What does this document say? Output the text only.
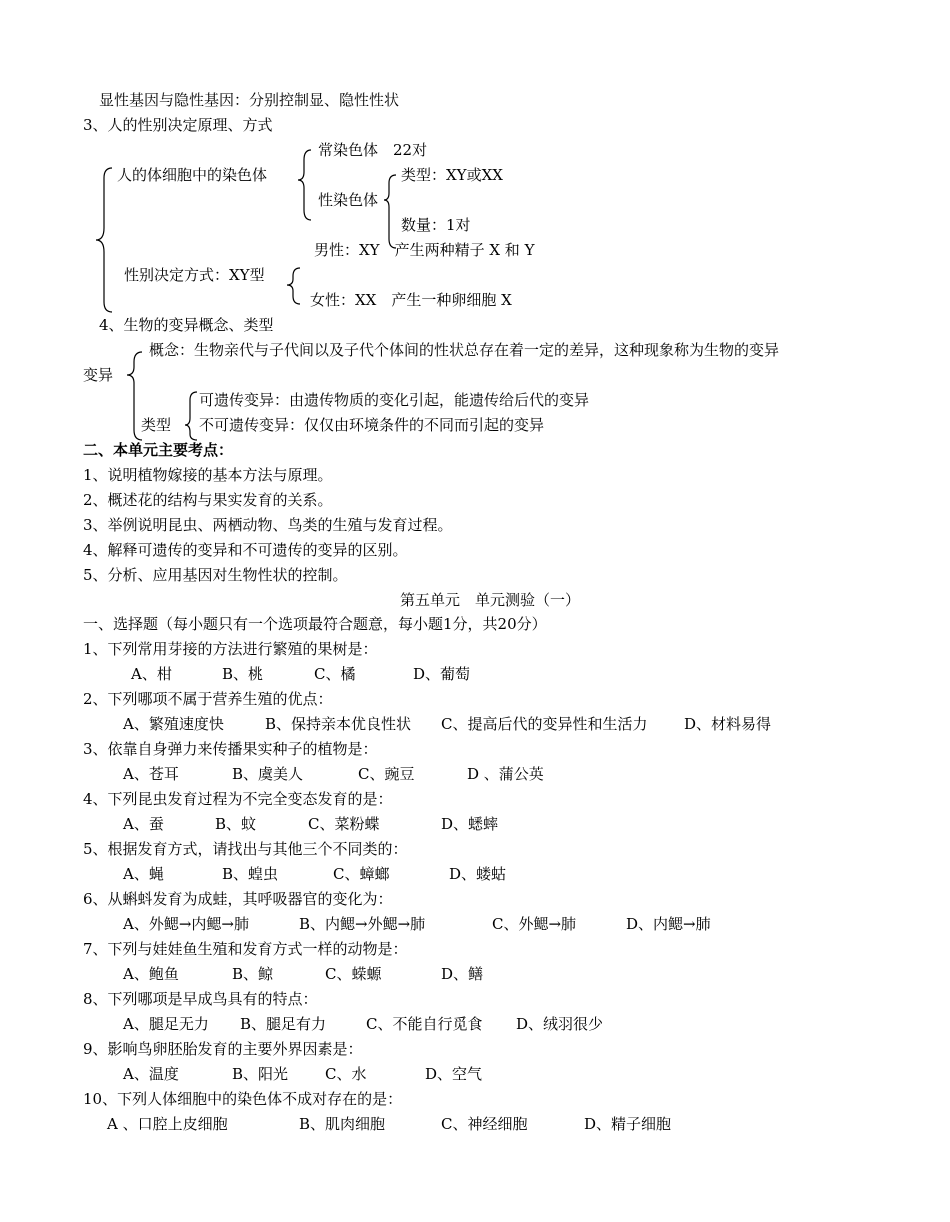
显性基因与隐性基因：分别控制显、隐性性状
3、人的性别决定原理、方式
常染色体　22对
人的体细胞中的染色体	类型：XY或XX
性染色体
数量：1对
男性：XY　产生两种精子 X 和 Y
性别决定方式：XY型
女性：XX　产生一种卵细胞 X
4、生物的变异概念、类型
概念：生物亲代与子代间以及子代个体间的性状总存在着一定的差异，这种现象称为生物的变异
变异
可遗传变异：由遗传物质的变化引起，能遗传给后代的变异
类型 不可遗传变异：仅仅由环境条件的不同而引起的变异
二、本单元主要考点：
1、说明植物嫁接的基本方法与原理。
2、概述花的结构与果实发育的关系。
3、举例说明昆虫、两栖动物、鸟类的生殖与发育过程。
4、解释可遗传的变异和不可遗传的变异的区别。
5、分析、应用基因对生物性状的控制。
第五单元　单元测验（一）
一、选择题（每小题只有一个选项最符合题意，每小题1分，共20分）
1、下列常用芽接的方法进行繁殖的果树是：
A、柑	B、桃	C、橘	D、葡萄
2、下列哪项不属于营养生殖的优点：
A、繁殖速度快	B、保持亲本优良性状 C、提高后代的变异性和生活力 D、材料易得
3、依靠自身弹力来传播果实种子的植物是：
A、苍耳	B、虞美人	C、豌豆	D 、蒲公英
4、下列昆虫发育过程为不完全变态发育的是：
A、蚕	B、蚊	C、菜粉蝶	D、蟋蟀
5、根据发育方式，请找出与其他三个不同类的：
A、蝇	B、蝗虫	C、蟑螂	D、蝼蛄
6、从蝌蚪发育为成蛙，其呼吸器官的变化为：
A、外鳃→内鳃→肺	B、内鳃→外鳃→肺	C、外鳃→肺	D、内鳃→肺
7、下列与娃娃鱼生殖和发育方式一样的动物是：
A、鲍鱼	B、鲸	C、蝾螈	D、鳝
8、下列哪项是早成鸟具有的特点：
A、腿足无力 B、腿足有力	C、不能自行觅食 D、绒羽很少
9、影响鸟卵胚胎发育的主要外界因素是：
A、温度	B、阳光 C、水	D、空气
10、下列人体细胞中的染色体不成对存在的是：
A 、口腔上皮细胞	B、肌肉细胞	C、神经细胞	D、精子细胞
